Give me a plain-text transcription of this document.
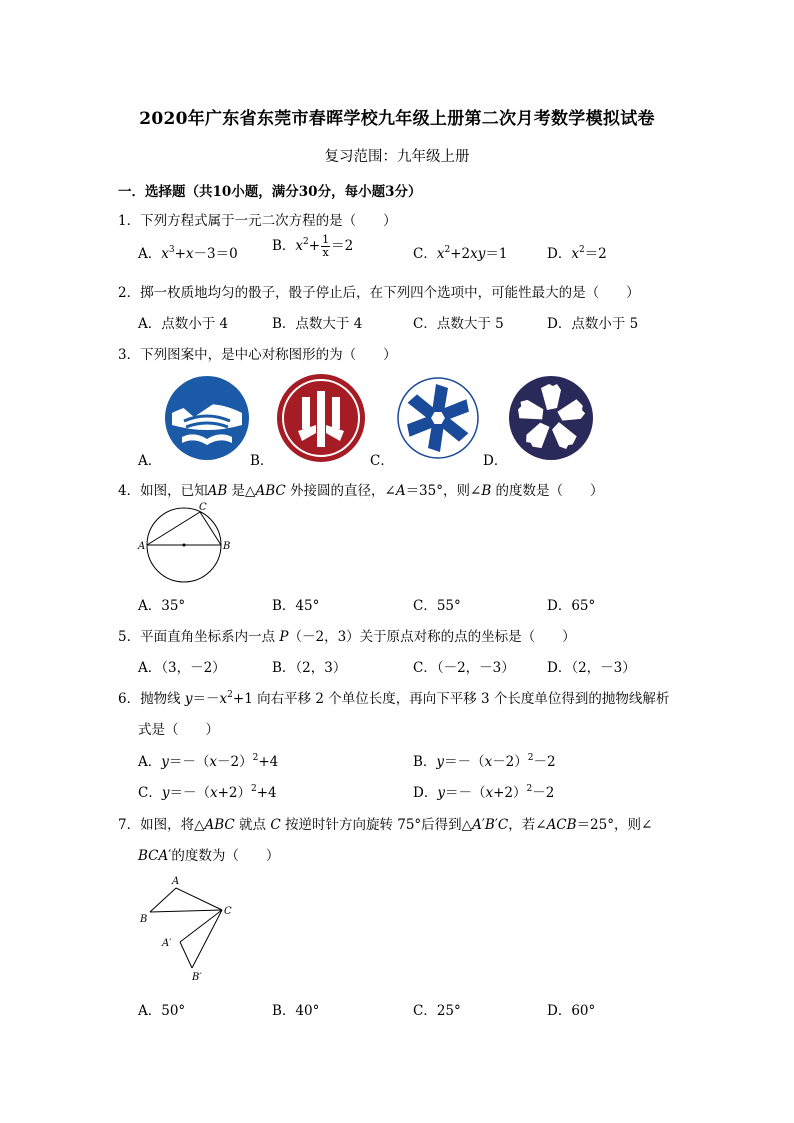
2020年广东省东莞市春晖学校九年级上册第二次月考数学模拟试卷
复习范围：九年级上册
一．选择题（共10小题，满分30分，每小题3分）
1．下列方程式属于一元二次方程的是（　　）
A．$x^3+x-3=0$	B．$x^2+ \frac{1}{x} =2$	C．$x^2+2xy=1$	D．$x^2=2$
2．掷一枚质地均匀的骰子，骰子停止后，在下列四个选项中，可能性最大的是（　　）
A．点数小于 4	B．点数大于 4	C．点数大于 5	D．点数小于 5
3．下列图案中，是中心对称图形的为（　　）
A．	B．	C．	D．
4．如图，已知AB 是△ABC 外接圆的直径，∠A＝35°，则∠B 的度数是（　　）
A	B
C
A．35°	B．45°	C．55°	D．65°
5．平面直角坐标系内一点 P（－2，3）关于原点对称的点的坐标是（　　）
A．（3，－2）	B．（2，3）	C．（－2，－3） D．（2，－3）
6．抛物线 $y=-x^2+1$ 向右平移 2 个单位长度，再向下平移 3 个长度单位得到的抛物线解析
式是（　　）
A．$y=-(x-2)^2+4$	B．$y=-(x-2)^2-2$
C．$y=-(x+2)^2+4$	D．$y=-(x+2)^2-2$
7．如图，将△ABC 就点 C 按逆时针方向旋转 75°后得到△A′B′C，若∠ACB＝25°，则∠
BCA′的度数为（　　）
A
B
C
A′
B′
A．50°	B．40°	C．25°	D．60°
